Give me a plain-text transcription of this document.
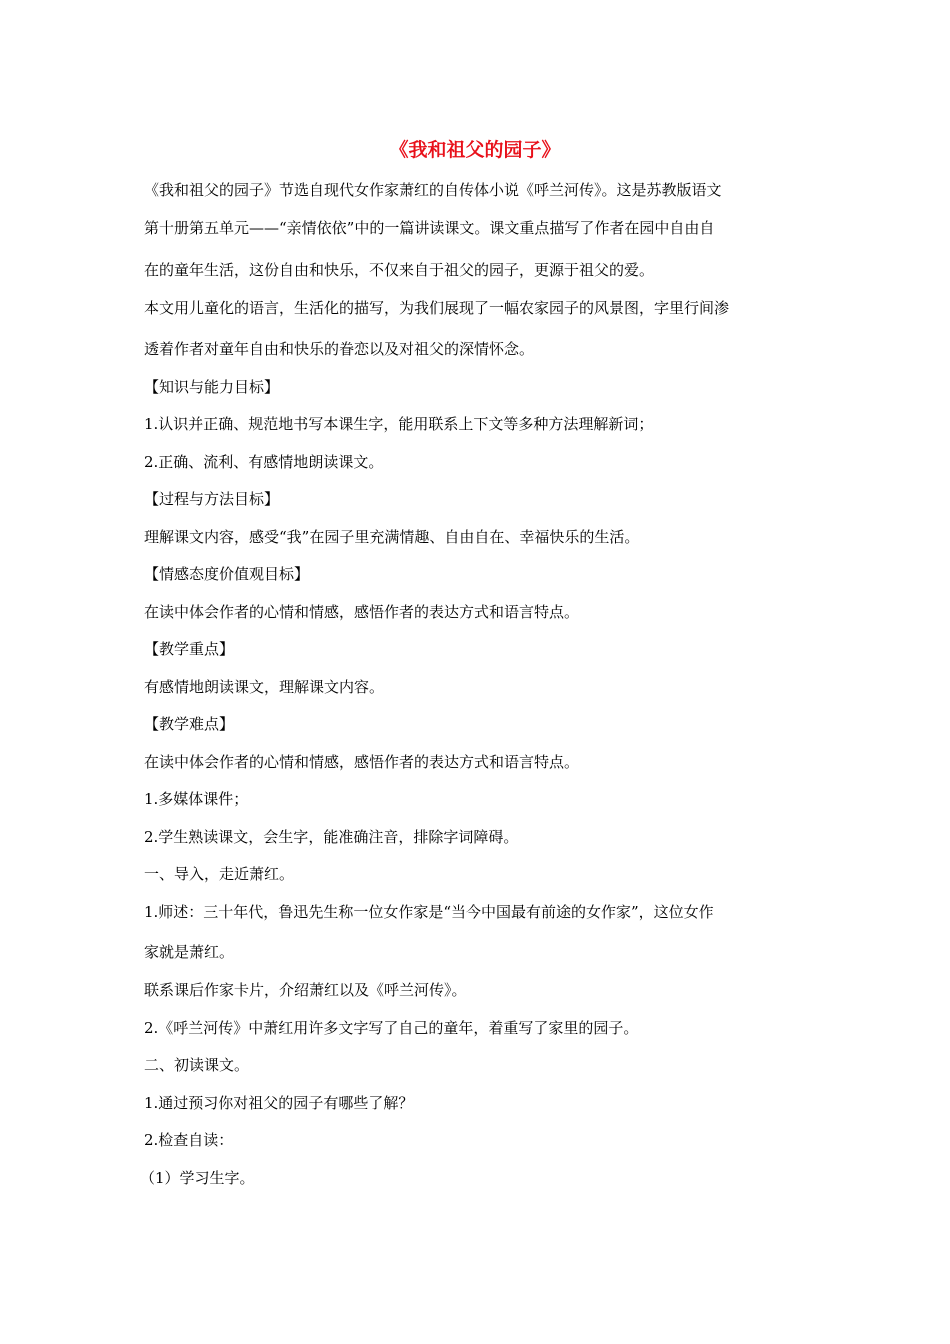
《我和祖父的园子》
《我和祖父的园子》节选自现代女作家萧红的自传体小说《呼兰河传》。这是苏教版语文
第十册第五单元——“亲情依依”中的一篇讲读课文。课文重点描写了作者在园中自由自
在的童年生活，这份自由和快乐，不仅来自于祖父的园子，更源于祖父的爱。
本文用儿童化的语言，生活化的描写，为我们展现了一幅农家园子的风景图，字里行间渗
透着作者对童年自由和快乐的眷恋以及对祖父的深情怀念。
【知识与能力目标】
1.认识并正确、规范地书写本课生字，能用联系上下文等多种方法理解新词；
2.正确、流利、有感情地朗读课文。
【过程与方法目标】
理解课文内容，感受“我”在园子里充满情趣、自由自在、幸福快乐的生活。
【情感态度价值观目标】
在读中体会作者的心情和情感，感悟作者的表达方式和语言特点。
【教学重点】
有感情地朗读课文，理解课文内容。
【教学难点】
在读中体会作者的心情和情感，感悟作者的表达方式和语言特点。
1.多媒体课件；
2.学生熟读课文，会生字，能准确注音，排除字词障碍。
一、导入，走近萧红。
1.师述：三十年代，鲁迅先生称一位女作家是“当今中国最有前途的女作家”，这位女作
家就是萧红。
联系课后作家卡片，介绍萧红以及《呼兰河传》。
2.《呼兰河传》中萧红用许多文字写了自己的童年，着重写了家里的园子。
二、初读课文。
1.通过预习你对祖父的园子有哪些了解？
2.检查自读：
（1）学习生字。
